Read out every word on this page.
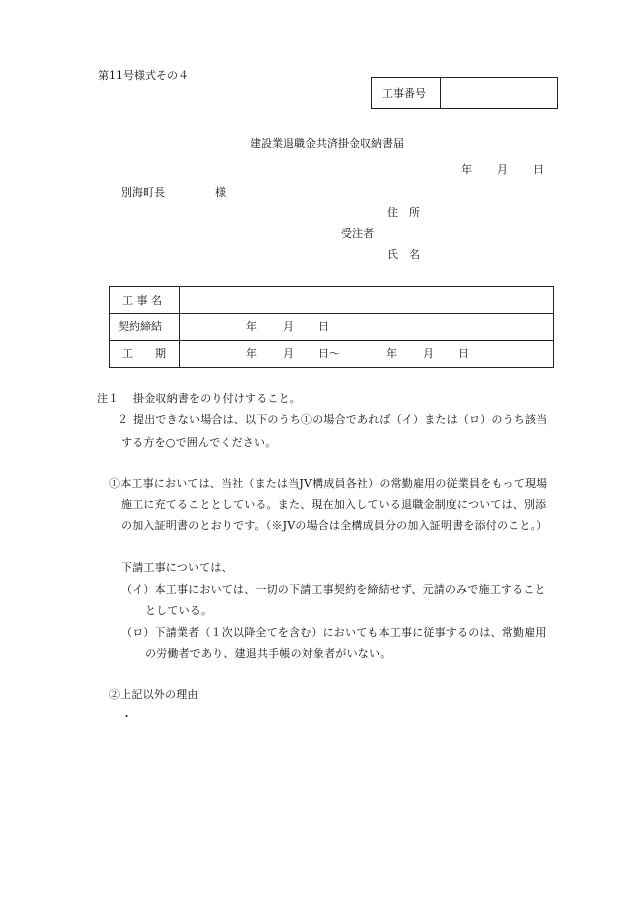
第11号様式その４
工事番号
建設業退職金共済掛金収納書届
年 月 日
別海町長	様
住　所
受注者
氏　名
工 事 名
契約締結	年 月 日
工　　期	年 月 日～	年 月 日
注１ 掛金収納書をのり付けすること。
２ 提出できない場合は、以下のうち①の場合であれば（イ）または（ロ）のうち該当
する方を○で囲んでください。
①本工事においては、当社（または当JV構成員各社）の常勤雇用の従業員をもって現場
施工に充てることとしている。また、現在加入している退職金制度については、別添
の加入証明書のとおりです。（※JVの場合は全構成員分の加入証明書を添付のこと。）
下請工事については、
（イ）本工事においては、一切の下請工事契約を締結せず、元請のみで施工すること
としている。
（ロ）下請業者（１次以降全てを含む）においても本工事に従事するのは、常勤雇用
の労働者であり、建退共手帳の対象者がいない。
②上記以外の理由
・
